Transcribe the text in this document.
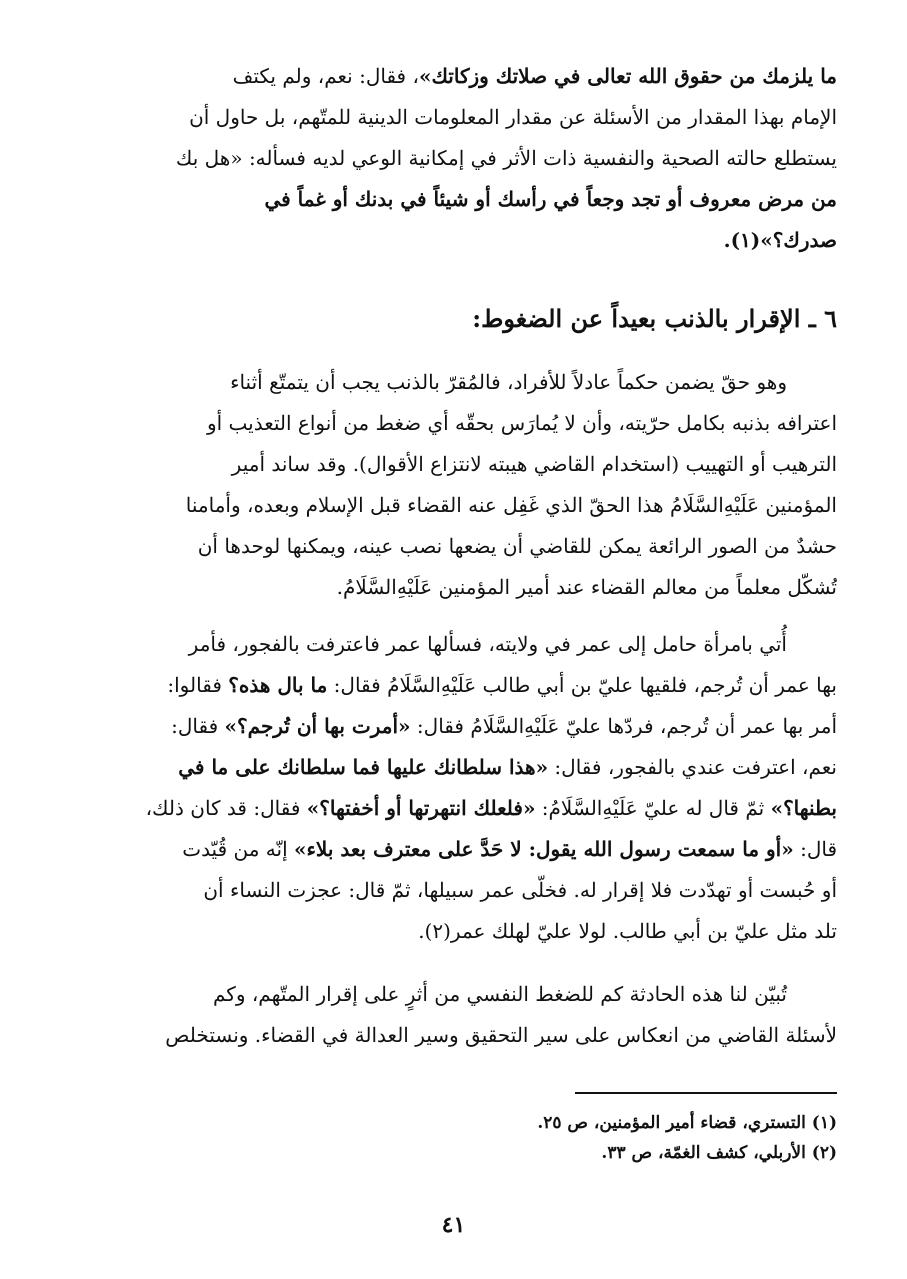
ما يلزمك من حقوق الله تعالى في صلاتك وزكاتك»، فقال: نعم، ولم يكتف
الإمام بهذا المقدار من الأسئلة عن مقدار المعلومات الدينية للمتّهم، بل حاول أن
يستطلع حالته الصحية والنفسية ذات الأثر في إمكانية الوعي لديه فسأله: «هل بك
من مرض معروف أو تجد وجعاً في رأسك أو شيئاً في بدنك أو غماً في
صدرك؟»(١).
٦ ـ الإقرار بالذنب بعيداً عن الضغوط:
وهو حقّ يضمن حكماً عادلاً للأفراد، فالمُقرّ بالذنب يجب أن يتمتّع أثناء
اعترافه بذنبه بكامل حرّيته، وأن لا يُمارَس بحقّه أي ضغط من أنواع التعذيب أو
الترهيب أو التهييب (استخدام القاضي هيبته لانتزاع الأقوال). وقد ساند أمير
المؤمنين عَلَيْهِ‌السَّلَامُ هذا الحقّ الذي غَفِل عنه القضاء قبل الإسلام وبعده، وأمامنا
حشدٌ من الصور الرائعة يمكن للقاضي أن يضعها نصب عينه، ويمكنها لوحدها أن
تُشكّل معلماً من معالم القضاء عند أمير المؤمنين عَلَيْهِ‌السَّلَامُ.
أُتي بامرأة حامل إلى عمر في ولايته، فسألها عمر فاعترفت بالفجور، فأمر
بها عمر أن تُرجم، فلقيها عليّ بن أبي طالب عَلَيْهِ‌السَّلَامُ فقال: ما بال هذه؟ فقالوا:
أمر بها عمر أن تُرجم، فردّها عليّ عَلَيْهِ‌السَّلَامُ فقال: «أمرت بها أن تُرجم؟» فقال:
نعم، اعترفت عندي بالفجور، فقال: «هذا سلطانك عليها فما سلطانك على ما في
بطنها؟» ثمّ قال له عليّ عَلَيْهِ‌السَّلَامُ: «فلعلك انتهرتها أو أخفتها؟» فقال: قد كان ذلك،
قال: «أو ما سمعت رسول الله يقول: لا حَدَّ على معترف بعد بلاء» إنّه من قُيّدت
أو حُبست أو تهدّدت فلا إقرار له. فخلّى عمر سبيلها، ثمّ قال: عجزت النساء أن
تلد مثل عليّ بن أبي طالب. لولا عليّ لهلك عمر(٢).
تُبيّن لنا هذه الحادثة كم للضغط النفسي من أثرٍ على إقرار المتّهم، وكم
لأسئلة القاضي من انعكاس على سير التحقيق وسير العدالة في القضاء. ونستخلص
(١) التستري، قضاء أمير المؤمنين، ص ٢٥.
(٢) الأربلي، كشف الغمّة، ص ٣٣.
٤١
